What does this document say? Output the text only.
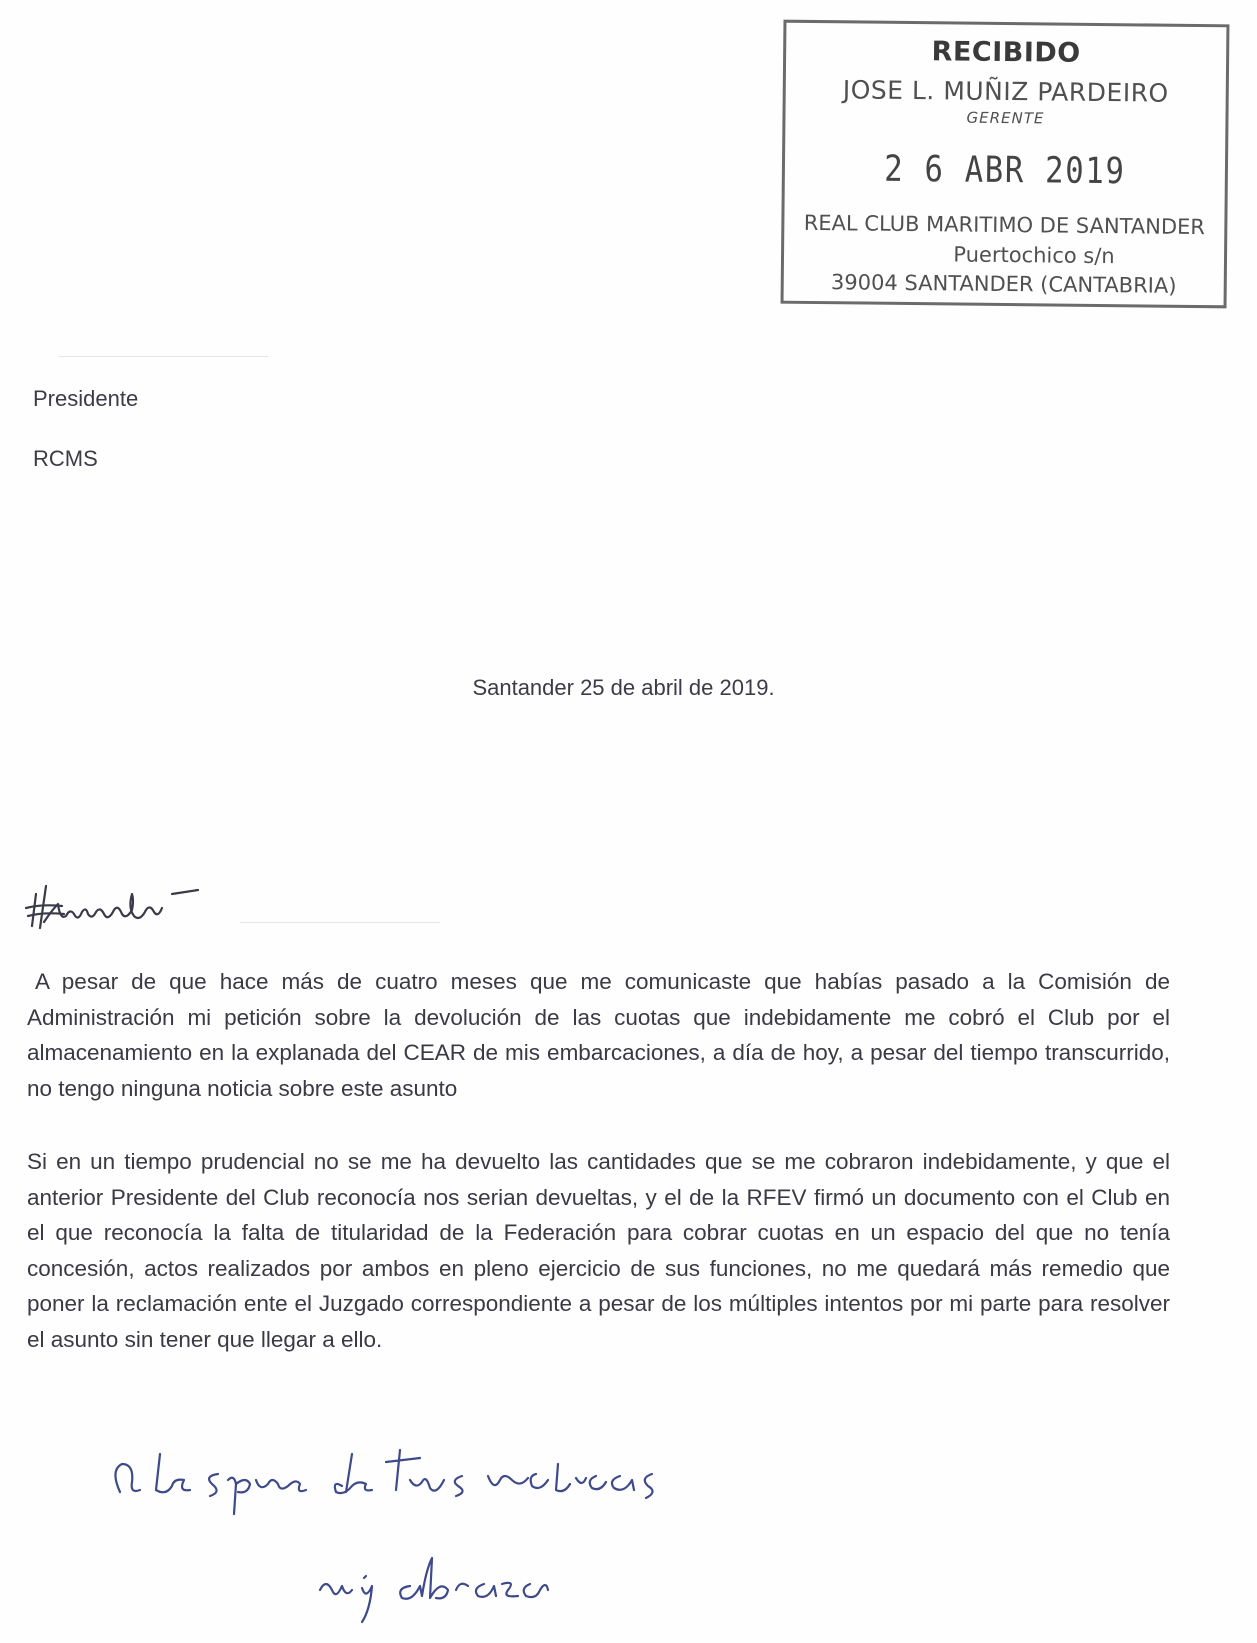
RECIBIDO
JOSE L. MUÑIZ PARDEIRO
GERENTE
2 6 ABR 2019
REAL CLUB MARITIMO DE SANTANDER
Puertochico s/n
39004 SANTANDER (CANTABRIA)
Presidente
RCMS
Santander 25 de abril de 2019.
A pesar de que hace más de cuatro meses que me comunicaste que habías pasado a la Comisión de Administración mi petición sobre la devolución de las cuotas que indebidamente me cobró el Club por el almacenamiento en la explanada del CEAR de mis embarcaciones, a día de hoy, a pesar del tiempo transcurrido, no tengo ninguna noticia sobre este asunto
Si en un tiempo prudencial no se me ha devuelto las cantidades que se me cobraron indebidamente, y que el anterior Presidente del Club reconocía nos serian devueltas, y el de la RFEV firmó un documento con el Club en el que reconocía la falta de titularidad de la Federación para cobrar cuotas en un espacio del que no tenía concesión, actos realizados por ambos en pleno ejercicio de sus funciones, no me quedará más remedio que poner la reclamación ente el Juzgado correspondiente a pesar de los múltiples intentos por mi parte para resolver el asunto sin tener que llegar a ello.
